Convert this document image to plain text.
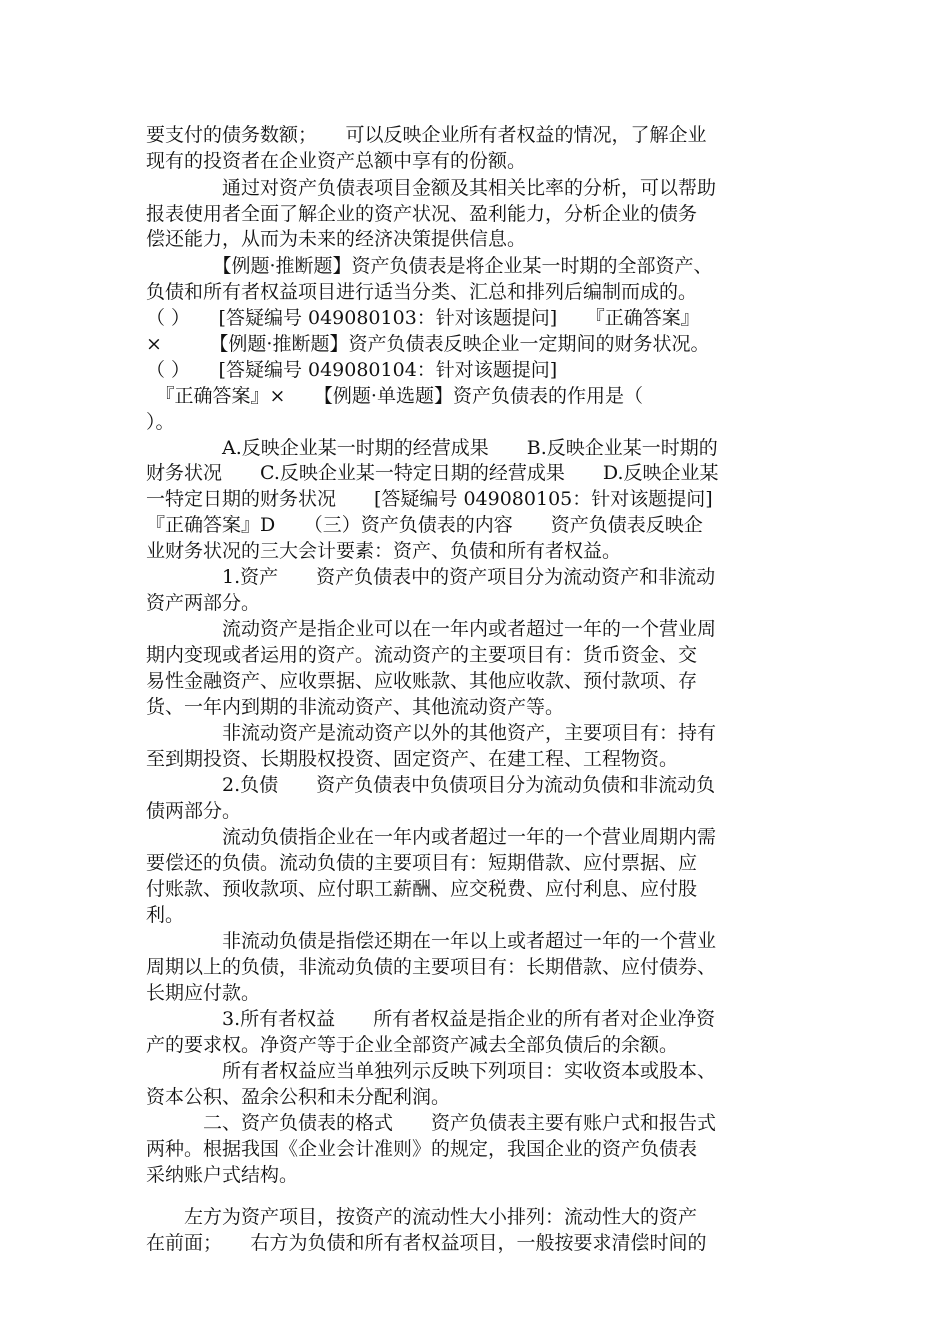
要支付的债务数额；　　可以反映企业所有者权益的情况，了解企业
现有的投资者在企业资产总额中享有的份额。
　　　　通过对资产负债表项目金额及其相关比率的分析，可以帮助
报表使用者全面了解企业的资产状况、盈利能力，分析企业的债务
偿还能力，从而为未来的经济决策提供信息。
　　　　【例题·推断题】资产负债表是将企业某一时期的全部资产、
负债和所有者权益项目进行适当分类、汇总和排列后编制而成的。
（ ）　　[答疑编号 049080103：针对该题提问]　　『正确答案』
×　　　【例题·推断题】资产负债表反映企业一定期间的财务状况。
（ ）　　[答疑编号 049080104：针对该题提问]
　『正确答案』×　　【例题·单选题】资产负债表的作用是（
）。
　　　　A.反映企业某一时期的经营成果　　B.反映企业某一时期的
财务状况　　C.反映企业某一特定日期的经营成果　　D.反映企业某
一特定日期的财务状况　　[答疑编号 049080105：针对该题提问]
『正确答案』D　　（三）资产负债表的内容　　资产负债表反映企
业财务状况的三大会计要素：资产、负债和所有者权益。
　　　　1.资产　　资产负债表中的资产项目分为流动资产和非流动
资产两部分。
　　　　流动资产是指企业可以在一年内或者超过一年的一个营业周
期内变现或者运用的资产。流动资产的主要项目有：货币资金、交
易性金融资产、应收票据、应收账款、其他应收款、预付款项、存
货、一年内到期的非流动资产、其他流动资产等。
　　　　非流动资产是流动资产以外的其他资产，主要项目有：持有
至到期投资、长期股权投资、固定资产、在建工程、工程物资。
　　　　2.负债　　资产负债表中负债项目分为流动负债和非流动负
债两部分。
　　　　流动负债指企业在一年内或者超过一年的一个营业周期内需
要偿还的负债。流动负债的主要项目有：短期借款、应付票据、应
付账款、预收款项、应付职工薪酬、应交税费、应付利息、应付股
利。
　　　　非流动负债是指偿还期在一年以上或者超过一年的一个营业
周期以上的负债，非流动负债的主要项目有：长期借款、应付债券、
长期应付款。
　　　　3.所有者权益　　所有者权益是指企业的所有者对企业净资
产的要求权。净资产等于企业全部资产减去全部负债后的余额。
　　　　所有者权益应当单独列示反映下列项目：实收资本或股本、
资本公积、盈余公积和未分配利润。
　　　二、资产负债表的格式　　资产负债表主要有账户式和报告式
两种。根据我国《企业会计准则》的规定，我国企业的资产负债表
采纳账户式结构。
　　左方为资产项目，按资产的流动性大小排列：流动性大的资产
在前面；　　右方为负债和所有者权益项目，一般按要求清偿时间的
